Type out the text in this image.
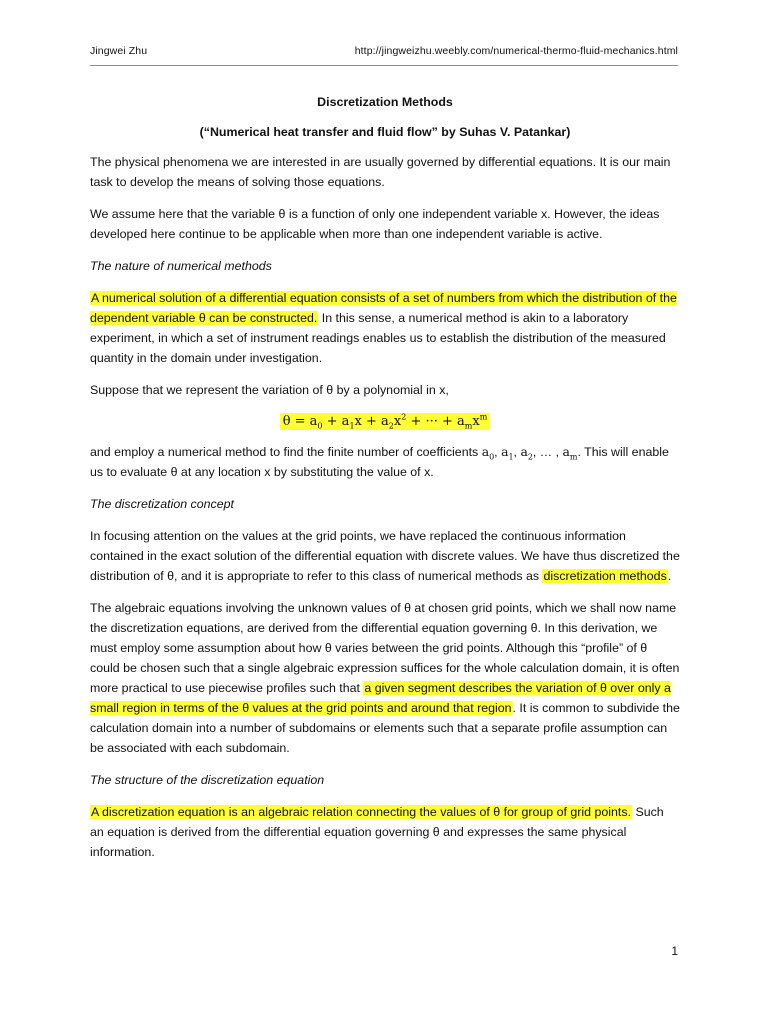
Jingwei Zhu	http://jingweizhu.weebly.com/numerical-thermo-fluid-mechanics.html
Discretization Methods
(“Numerical heat transfer and fluid flow” by Suhas V. Patankar)

The physical phenomena we are interested in are usually governed by differential equations. It is our main task to develop the means of solving those equations.

We assume here that the variable θ is a function of only one independent variable x. However, the ideas developed here continue to be applicable when more than one independent variable is active.

The nature of numerical methods

A numerical solution of a differential equation consists of a set of numbers from which the distribution of the dependent variable θ can be constructed. In this sense, a numerical method is akin to a laboratory experiment, in which a set of instrument readings enables us to establish the distribution of the measured quantity in the domain under investigation.

Suppose that we represent the variation of θ by a polynomial in x,

$\theta = a_0 + a_1x + a_2x^2$ + ··· + $a_mx^m$

and employ a numerical method to find the finite number of coefficients $a_0$, $a_1$, $a_2$, … , $a_m$. This will enable us to evaluate θ at any location x by substituting the value of x.

The discretization concept

In focusing attention on the values at the grid points, we have replaced the continuous information contained in the exact solution of the differential equation with discrete values. We have thus discretized the distribution of θ, and it is appropriate to refer to this class of numerical methods as discretization methods.

The algebraic equations involving the unknown values of θ at chosen grid points, which we shall now name the discretization equations, are derived from the differential equation governing θ. In this derivation, we must employ some assumption about how θ varies between the grid points. Although this “profile” of θ could be chosen such that a single algebraic expression suffices for the whole calculation domain, it is often more practical to use piecewise profiles such that a given segment describes the variation of θ over only a small region in terms of the θ values at the grid points and around that region. It is common to subdivide the calculation domain into a number of subdomains or elements such that a separate profile assumption can be associated with each subdomain.

The structure of the discretization equation

A discretization equation is an algebraic relation connecting the values of θ for group of grid points. Such an equation is derived from the differential equation governing θ and expresses the same physical information.

1
